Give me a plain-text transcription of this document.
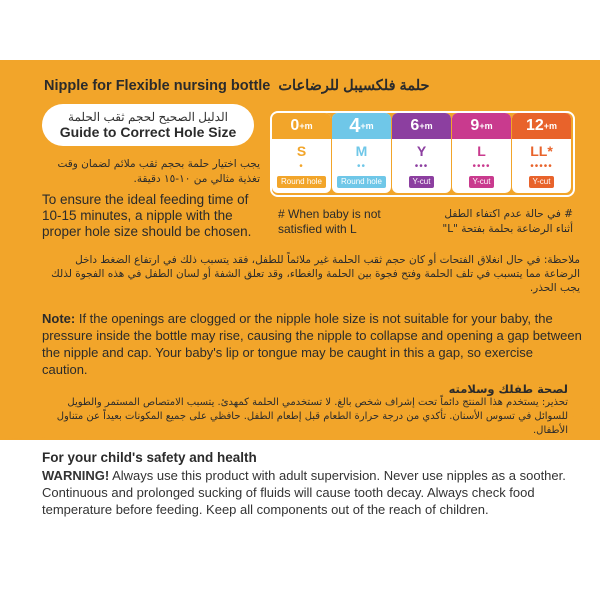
Nipple for Flexible nursing bottle حلمة فلكسيبل للرضاعات
الدليل الصحيح لحجم ثقب الحلمة
Guide to Correct Hole Size
يجب اختيار حلمة بحجم ثقب ملائم لضمان وقت تغذية مثالي من ١٠-١٥ دقيقة.
To ensure the ideal feeding time of 10-15 minutes, a nipple with the proper hole size should be chosen.
0 +m
S
•
Round hole
4 +m
M
••
Round hole
6 +m
Y
•••
Y-cut
9 +m
L
••••
Y-cut
12 +m
LL*
•••••
Y-cut
# When baby is not satisfied with L
# في حالة عدم اكتفاء الطفل أثناء الرضاعة بحلمة بفتحة "L"
ملاحظة: في حال انغلاق الفتحات أو كان حجم ثقب الحلمة غير ملائماً للطفل، فقد يتسبب ذلك في ارتفاع الضغط داخل الرضاعة مما يتسبب في تلف الحلمة وفتح فجوة بين الحلمة والغطاء، وقد تعلق الشفة أو لسان الطفل في هذه الفجوة لذلك يجب الحذر.
Note: If the openings are clogged or the nipple hole size is not suitable for your baby, the pressure inside the bottle may rise, causing the nipple to collapse and opening a gap between the nipple and cap. Your baby's lip or tongue may be caught in this a gap, so exercise caution.
لصحة طفلك وسلامته
تحذير: يستخدم هذا المنتج دائماً تحت إشراف شخص بالغ. لا تستخدمي الحلمة كمهدئ. يتسبب الامتصاص المستمر والطويل للسوائل في تسوس الأسنان. تأكدي من درجة حرارة الطعام قبل إطعام الطفل. حافظي على جميع المكونات بعيداً عن متناول الأطفال.
For your child's safety and health
WARNING! Always use this product with adult supervision. Never use nipples as a soother. Continuous and prolonged sucking of fluids will cause tooth decay. Always check food temperature before feeding. Keep all components out of the reach of children.
